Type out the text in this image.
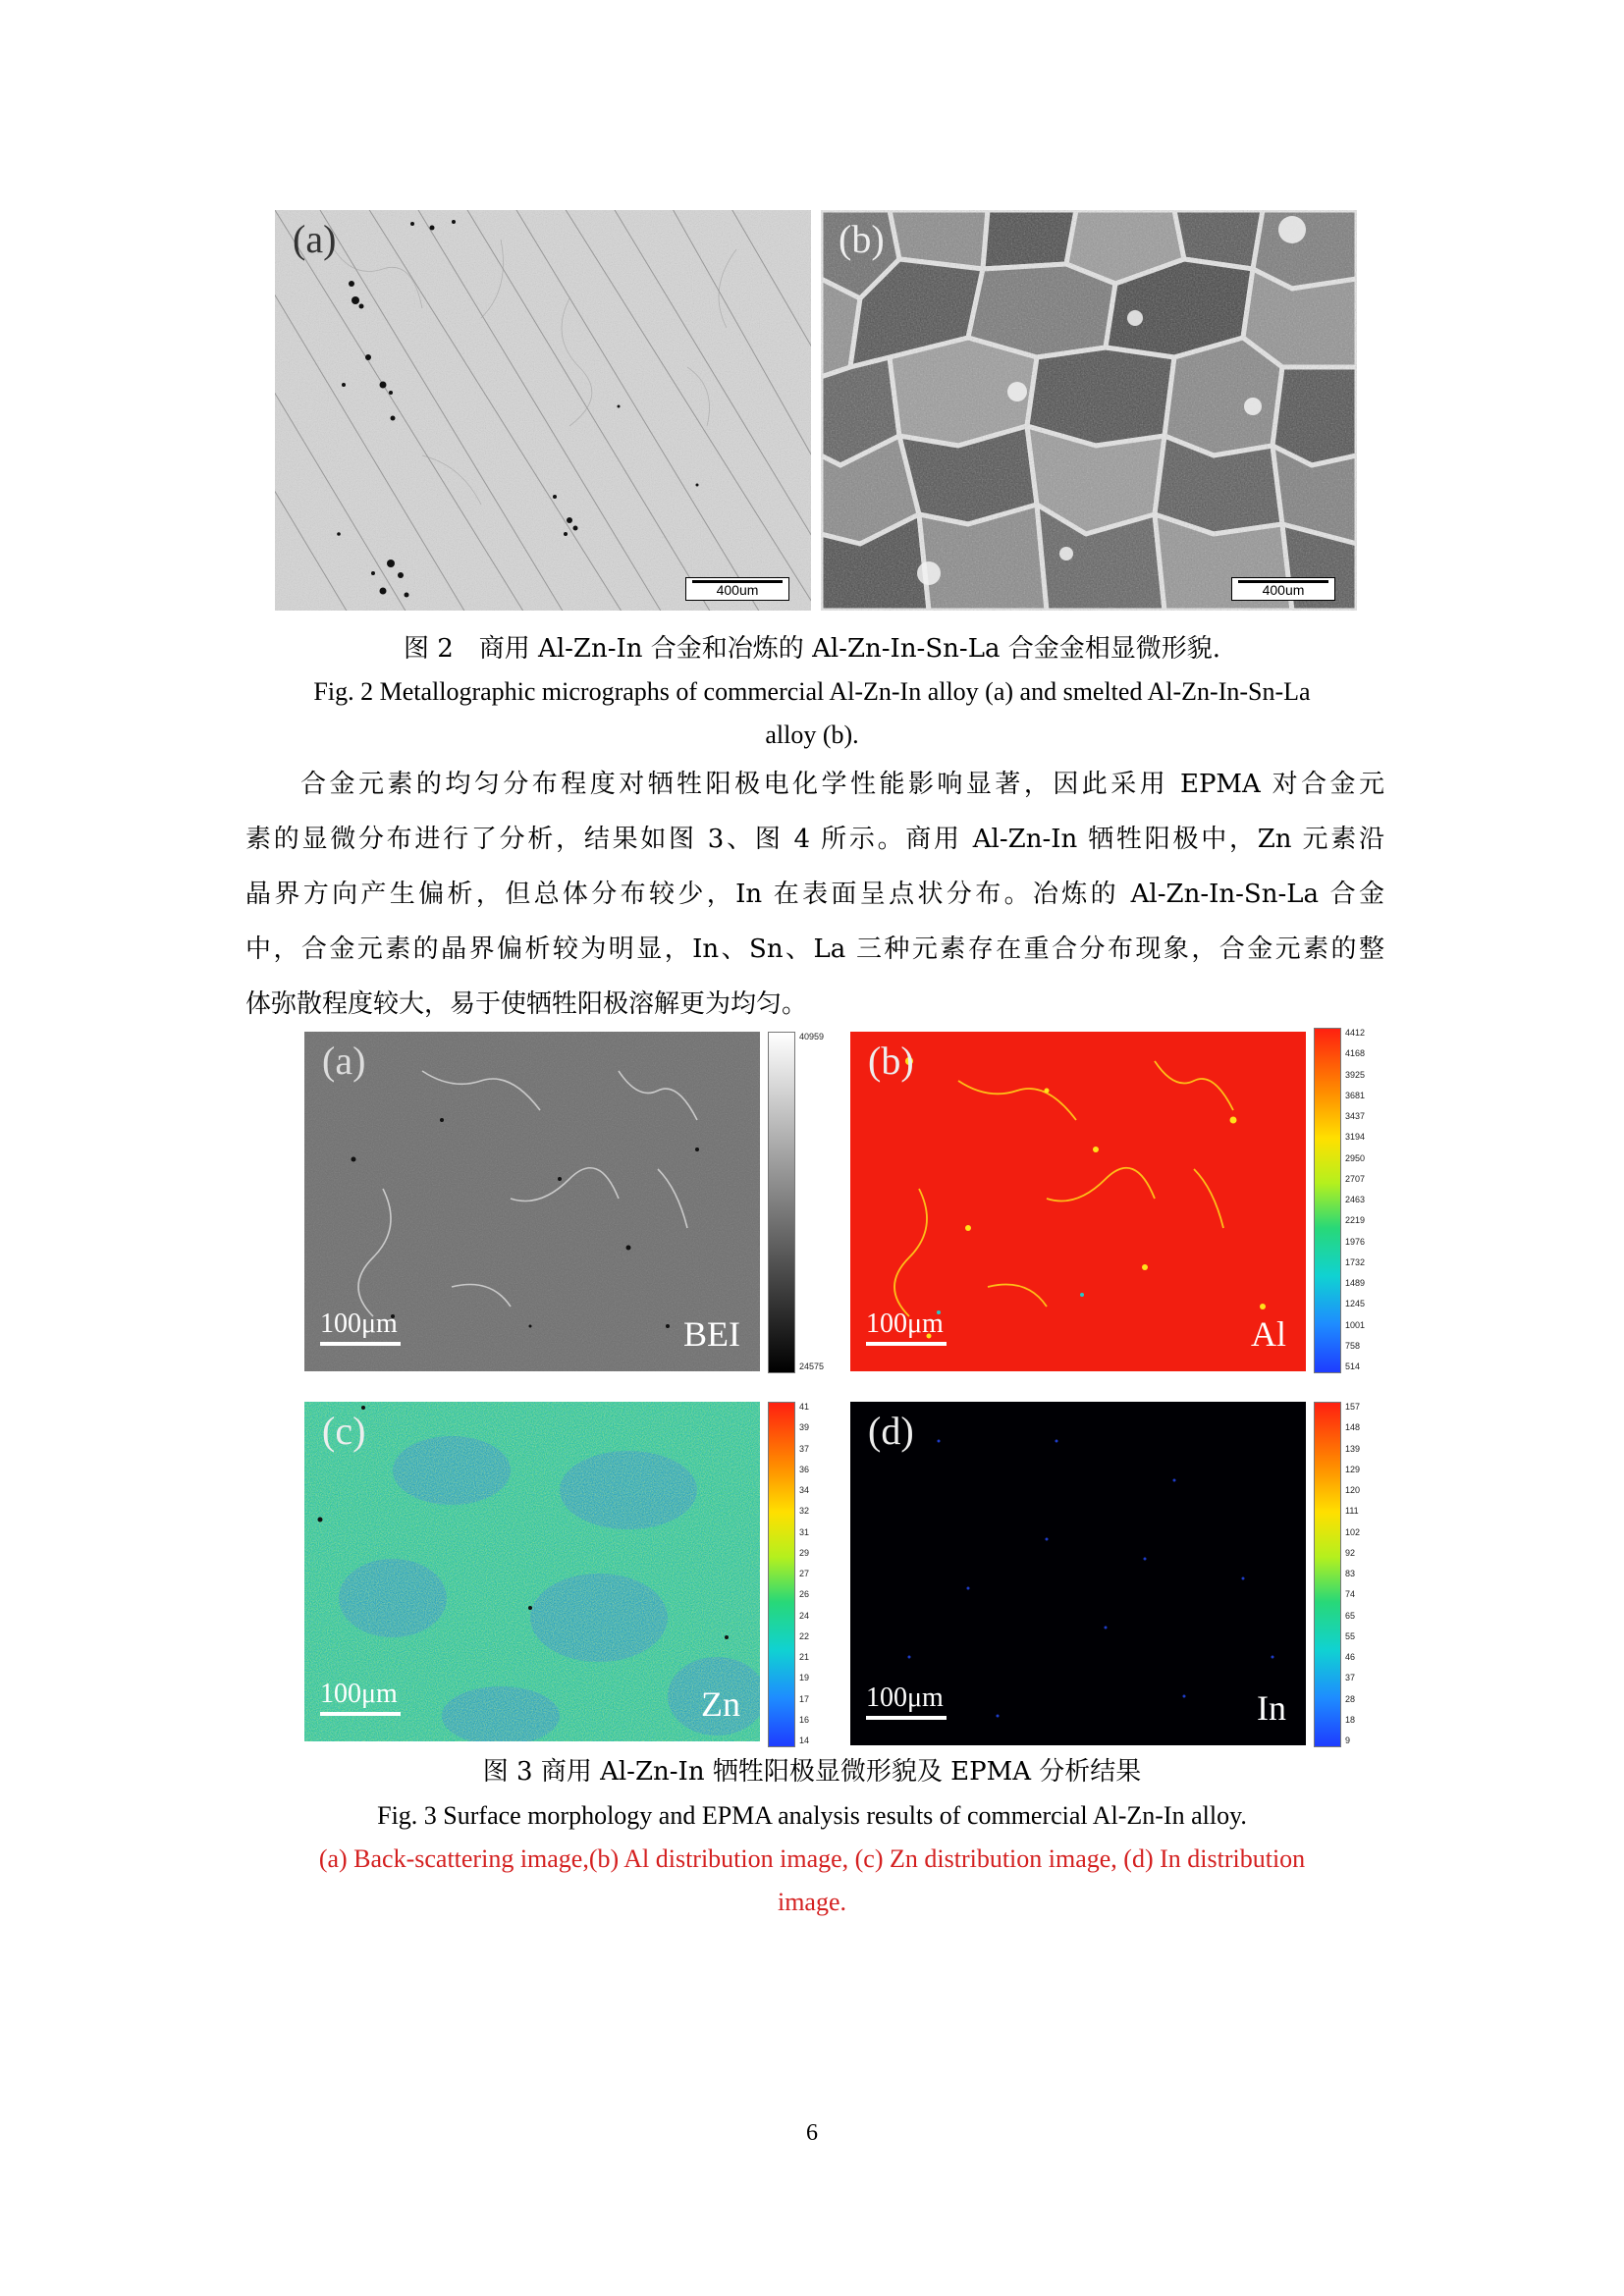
(a)
400um
(b)
400um
图 2　商用 Al-Zn-In 合金和冶炼的 Al-Zn-In-Sn-La 合金金相显微形貌.
Fig. 2 Metallographic micrographs of commercial Al-Zn-In alloy (a) and smelted Al-Zn-In-Sn-La
alloy (b).
合金元素的均匀分布程度对牺牲阳极电化学性能影响显著，因此采用 EPMA 对合金元
素的显微分布进行了分析，结果如图 3、图 4 所示。商用 Al-Zn-In 牺牲阳极中，Zn 元素沿
晶界方向产生偏析，但总体分布较少，In 在表面呈点状分布。冶炼的 Al-Zn-In-Sn-La 合金
中，合金元素的晶界偏析较为明显，In、Sn、La 三种元素存在重合分布现象，合金元素的整
体弥散程度较大，易于使牺牲阳极溶解更为均匀。
(a)
100μm	BEI
40959
24575
(b)
100μm	Al
4412
4168
3925
3681
3437
3194
2950
2707
2463
2219
1976
1732
1489
1245
1001
758
514
(c)
100μm	Zn
41
39
37
36
34
32
31
29
27
26
24
22
21
19
17
16
14
(d)
100μm	In
157
148
139
129
120
111
102
92
83
74
65
55
46
37
28
18
9
图 3 商用 Al-Zn-In 牺牲阳极显微形貌及 EPMA 分析结果
Fig. 3 Surface morphology and EPMA analysis results of commercial Al-Zn-In alloy.
(a) Back-scattering image,(b) Al distribution image, (c) Zn distribution image, (d) In distribution
image.
6
